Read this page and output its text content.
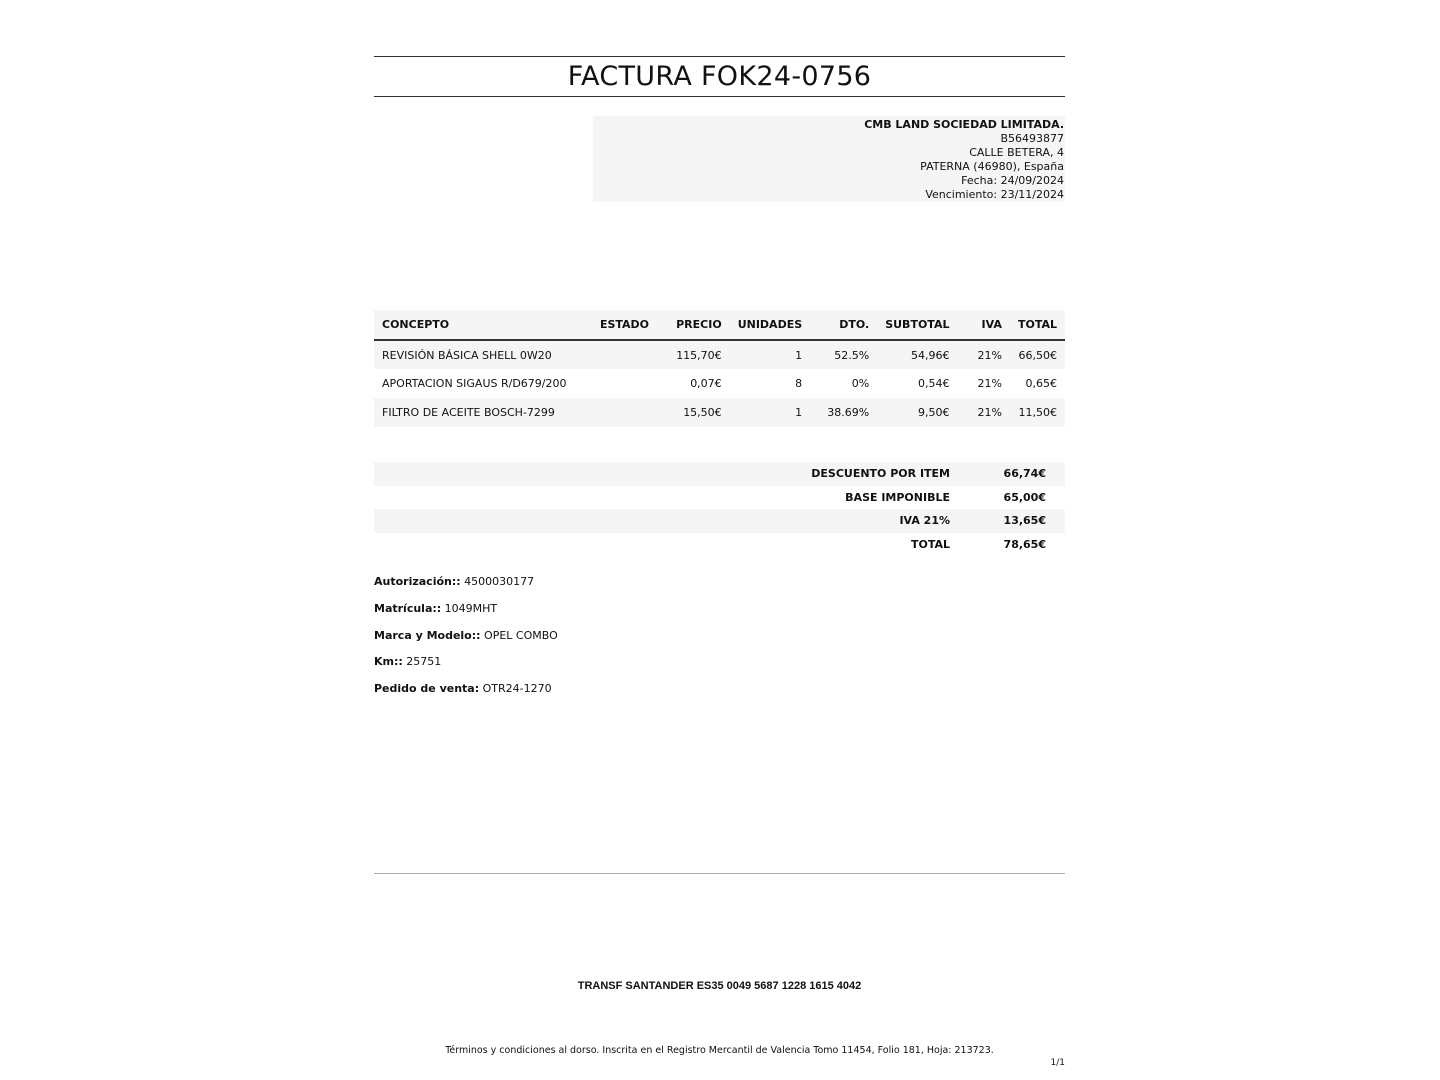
FACTURA FOK24-0756
CMB LAND SOCIEDAD LIMITADA.
B56493877
CALLE BETERA, 4
PATERNA (46980), España
Fecha: 24/09/2024
Vencimiento: 23/11/2024
CONCEPTO	ESTADO	PRECIO	UNIDADES	DTO.	SUBTOTAL	IVA	TOTAL
REVISIÓN BÁSICA SHELL 0W20		115,70€	1	52.5%	54,96€	21%	66,50€
APORTACION SIGAUS R/D679/200		0,07€	8	0%	0,54€	21%	0,65€
FILTRO DE ACEITE BOSCH-7299		15,50€	1	38.69%	9,50€	21%	11,50€
DESCUENTO POR ITEM	66,74€
BASE IMPONIBLE	65,00€
IVA 21%	13,65€
TOTAL	78,65€
Autorización:: 4500030177
Matrícula:: 1049MHT
Marca y Modelo:: OPEL COMBO
Km:: 25751
Pedido de venta: OTR24-1270
TRANSF SANTANDER ES35 0049 5687 1228 1615 4042
Términos y condiciones al dorso. Inscrita en el Registro Mercantil de Valencia Tomo 11454, Folio 181, Hoja: 213723.
1/1
